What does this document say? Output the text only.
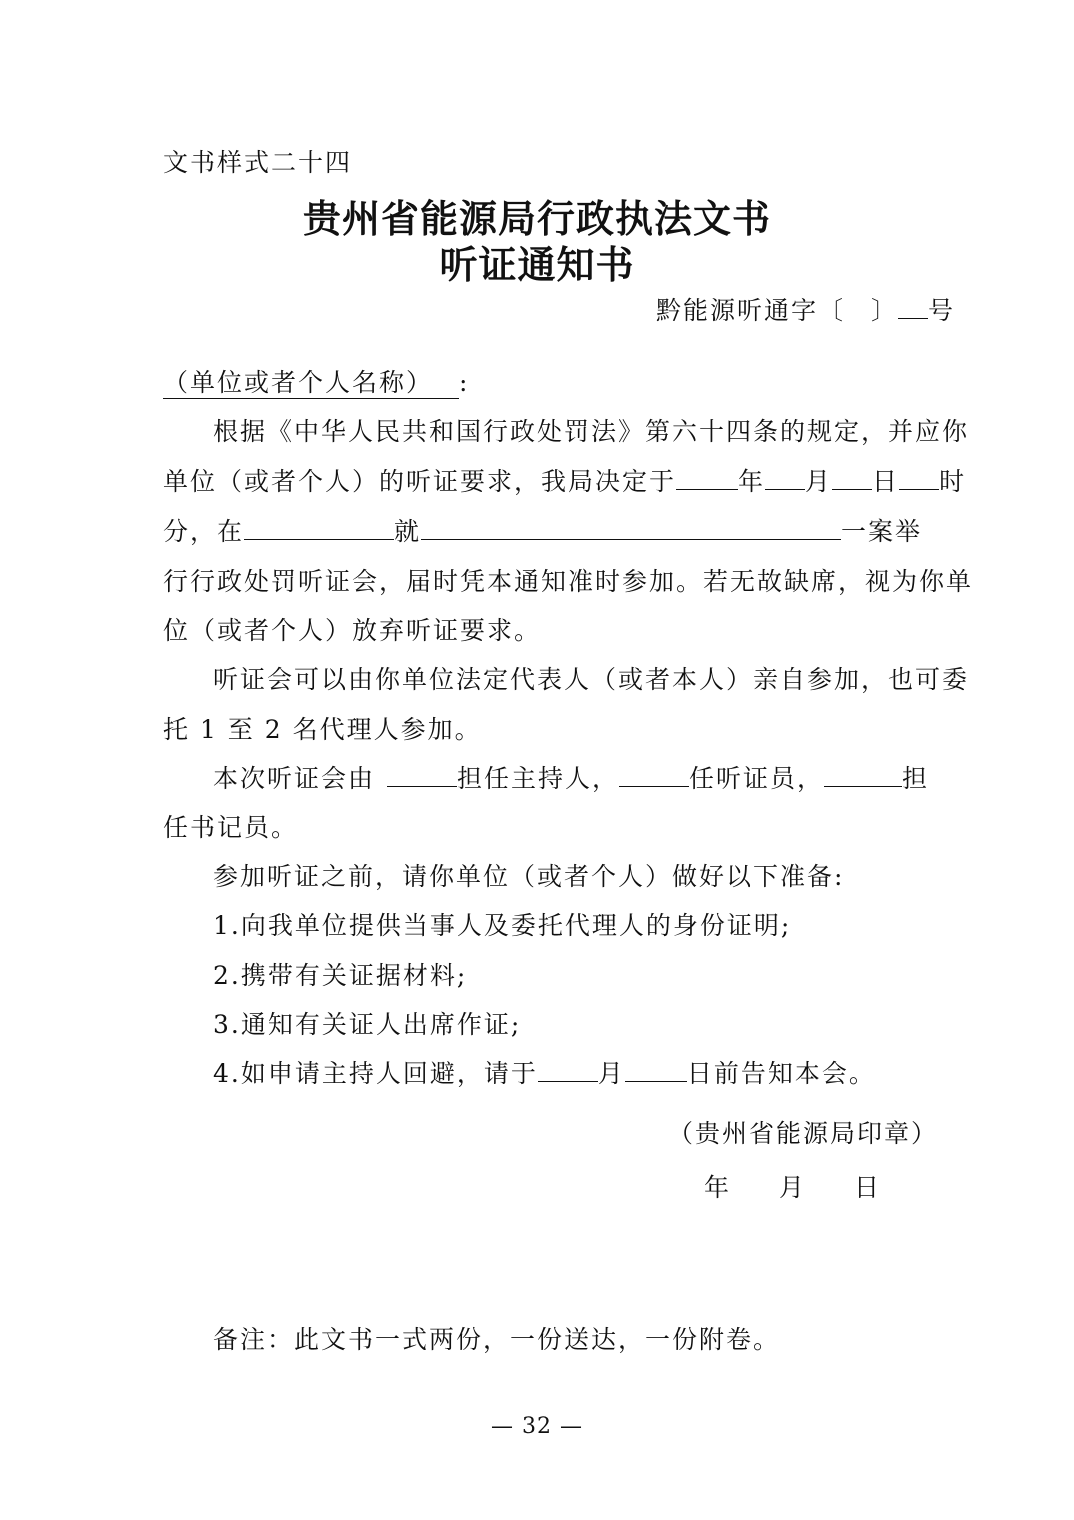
文书样式二十四
贵州省能源局行政执法文书
听证通知书
黔能源听通字〔 〕 号
（单位或者个人名称） :
根据《中华人民共和国行政处罚法》第六十四条的规定，并应你
单位（或者个人）的听证要求，我局决定于 年 月 日 时
分，在	就	一案举
行行政处罚听证会，届时凭本通知准时参加。若无故缺席，视为你单
位（或者个人）放弃听证要求。
听证会可以由你单位法定代表人（或者本人）亲自参加，也可委
托 1 至 2 名代理人参加。
本次听证会由	担任主持人，	任听证员，	担
任书记员。
参加听证之前，请你单位（或者个人）做好以下准备:
1.向我单位提供当事人及委托代理人的身份证明;
2.携带有关证据材料;
3.通知有关证人出席作证;
4.如申请主持人回避，请于 月 日前告知本会。
（贵州省能源局印章）
年 月 日
备注：此文书一式两份，一份送达，一份附卷。
— 32 —
